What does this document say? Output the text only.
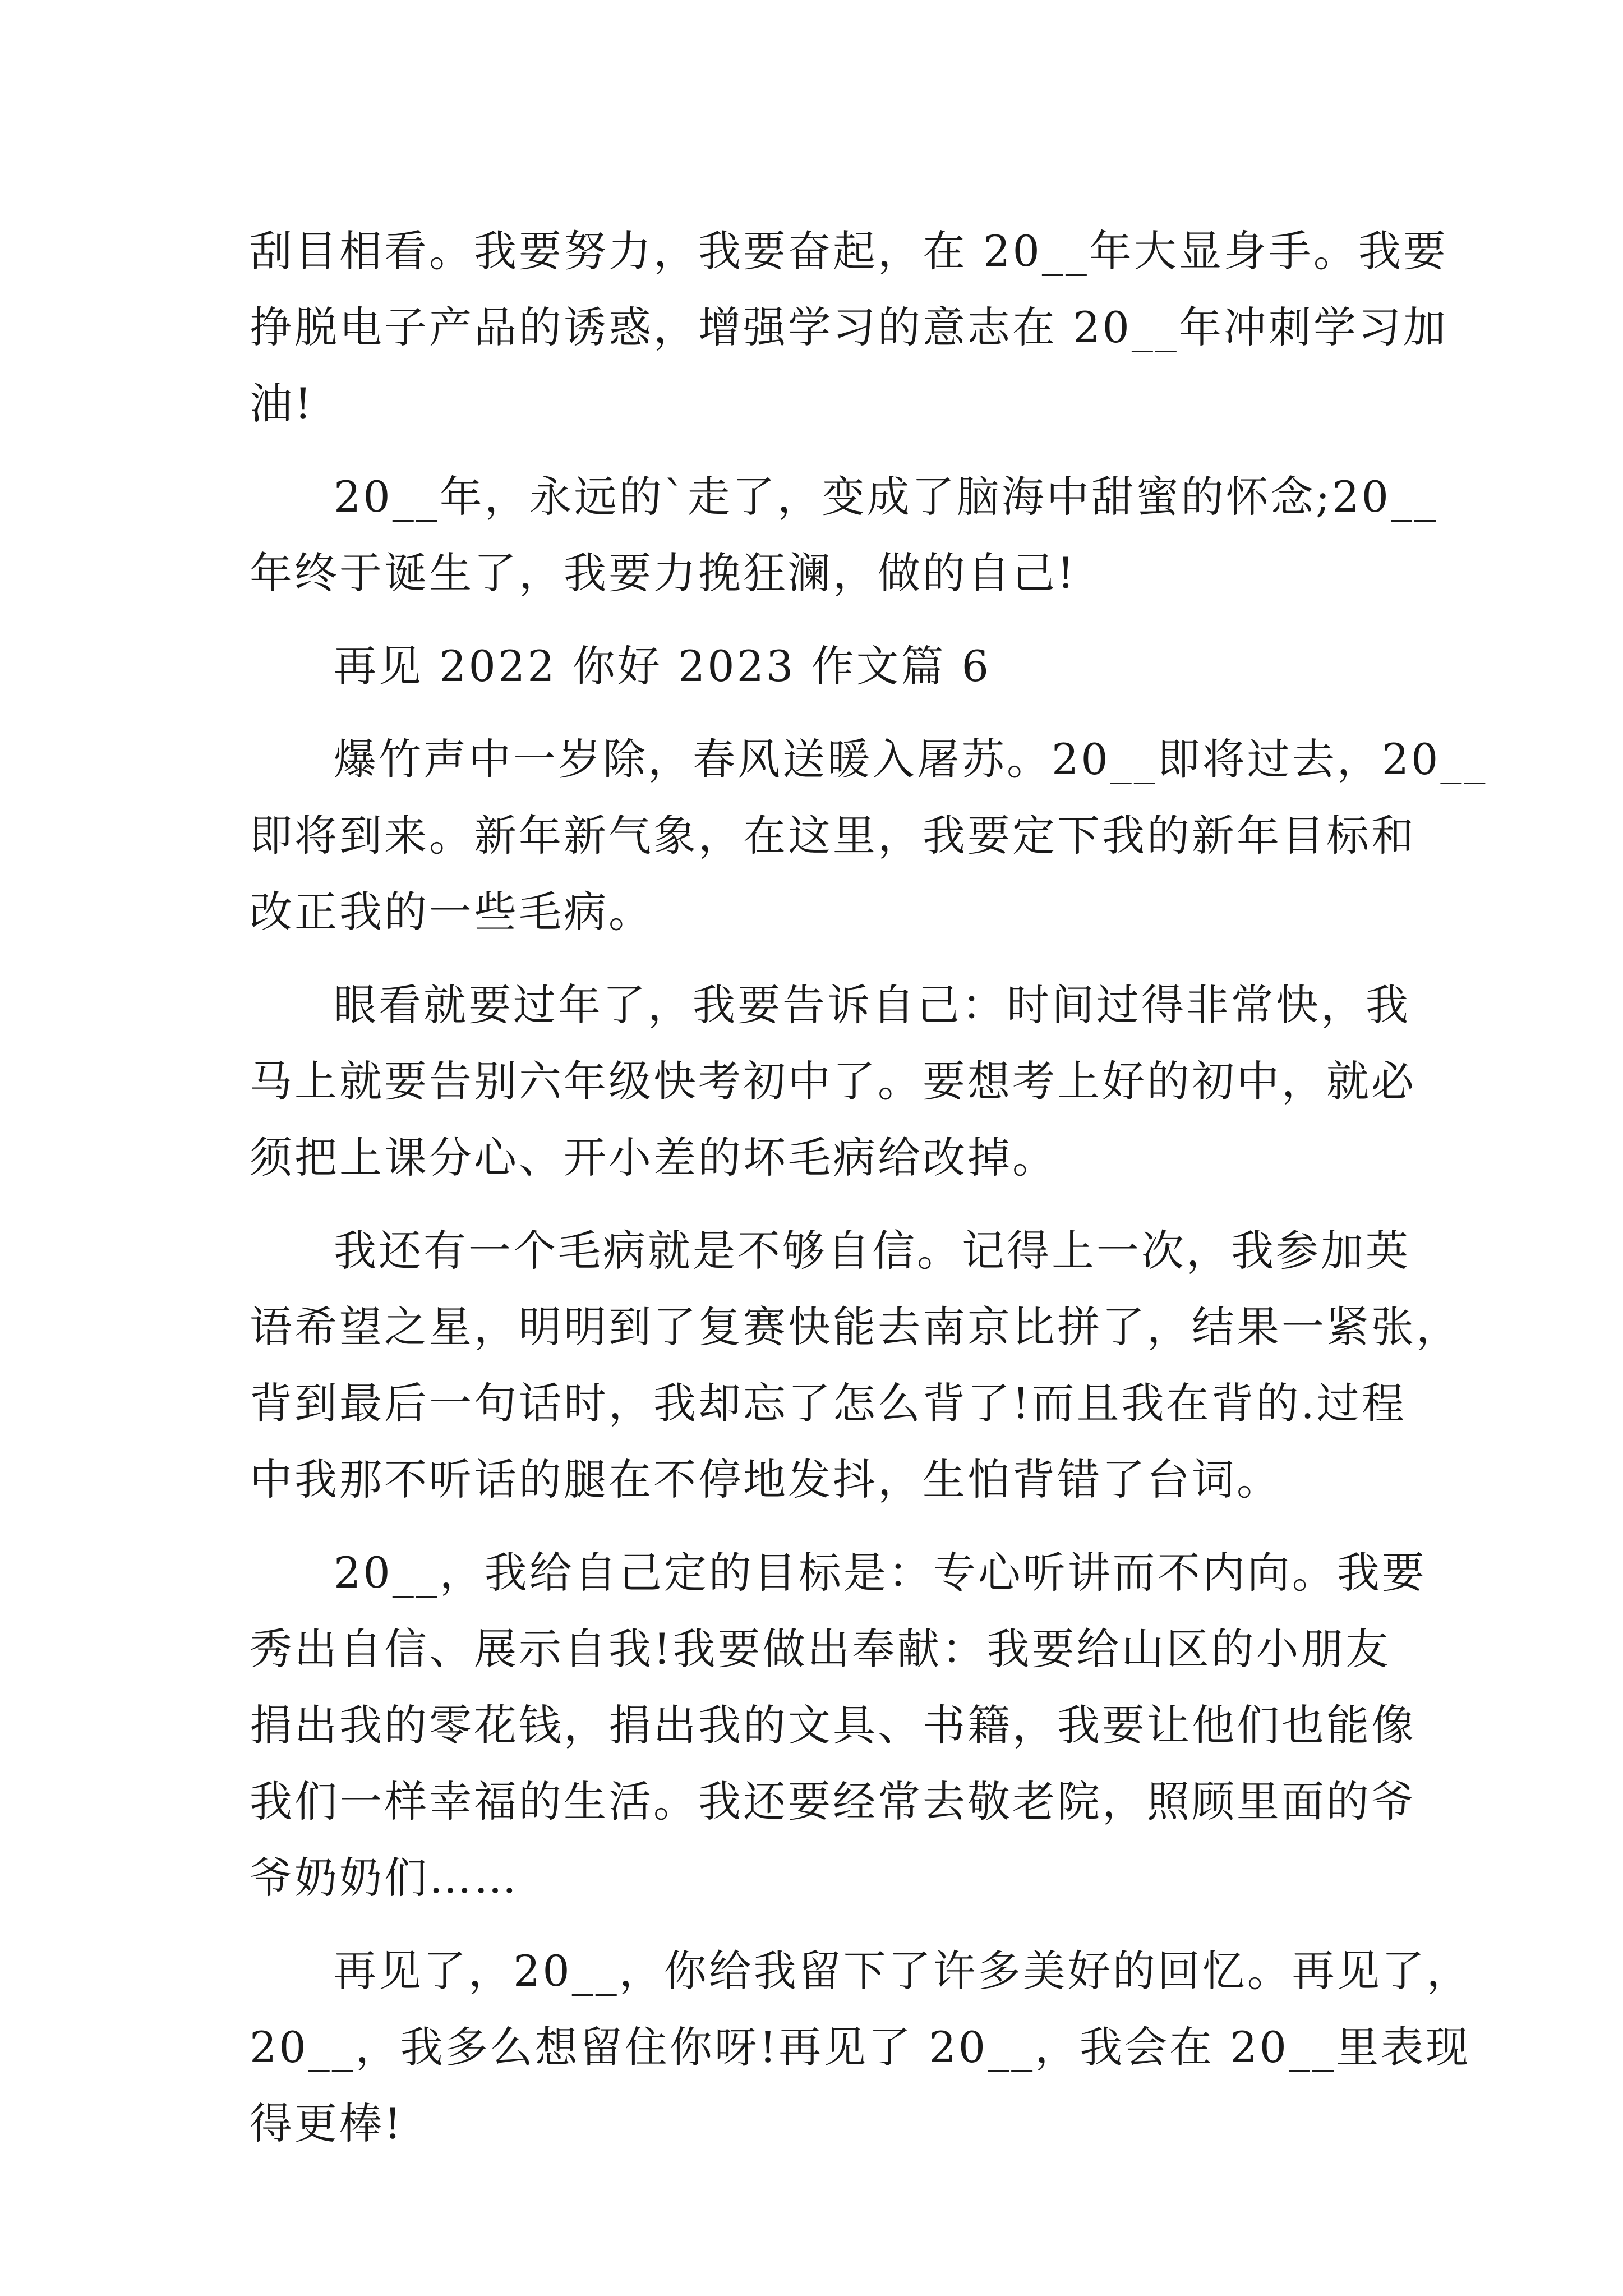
刮目相看。我要努力，我要奋起，在 20__年大显身手。我要
挣脱电子产品的诱惑，增强学习的意志在 20__年冲刺学习加
油!
20__年，永远的`走了，变成了脑海中甜蜜的怀念;20__
年终于诞生了，我要力挽狂澜，做的自己!
再见 2022 你好 2023 作文篇 6
爆竹声中一岁除，春风送暖入屠苏。20__即将过去，20__
即将到来。新年新气象，在这里，我要定下我的新年目标和
改正我的一些毛病。
眼看就要过年了，我要告诉自己：时间过得非常快，我
马上就要告别六年级快考初中了。要想考上好的初中，就必
须把上课分心、开小差的坏毛病给改掉。
我还有一个毛病就是不够自信。记得上一次，我参加英
语希望之星，明明到了复赛快能去南京比拼了，结果一紧张，
背到最后一句话时，我却忘了怎么背了!而且我在背的.过程
中我那不听话的腿在不停地发抖，生怕背错了台词。
20__，我给自己定的目标是：专心听讲而不内向。我要
秀出自信、展示自我!我要做出奉献：我要给山区的小朋友
捐出我的零花钱，捐出我的文具、书籍，我要让他们也能像
我们一样幸福的生活。我还要经常去敬老院，照顾里面的爷
爷奶奶们……
再见了，20__，你给我留下了许多美好的回忆。再见了，
20__，我多么想留住你呀!再见了 20__，我会在 20__里表现
得更棒!
